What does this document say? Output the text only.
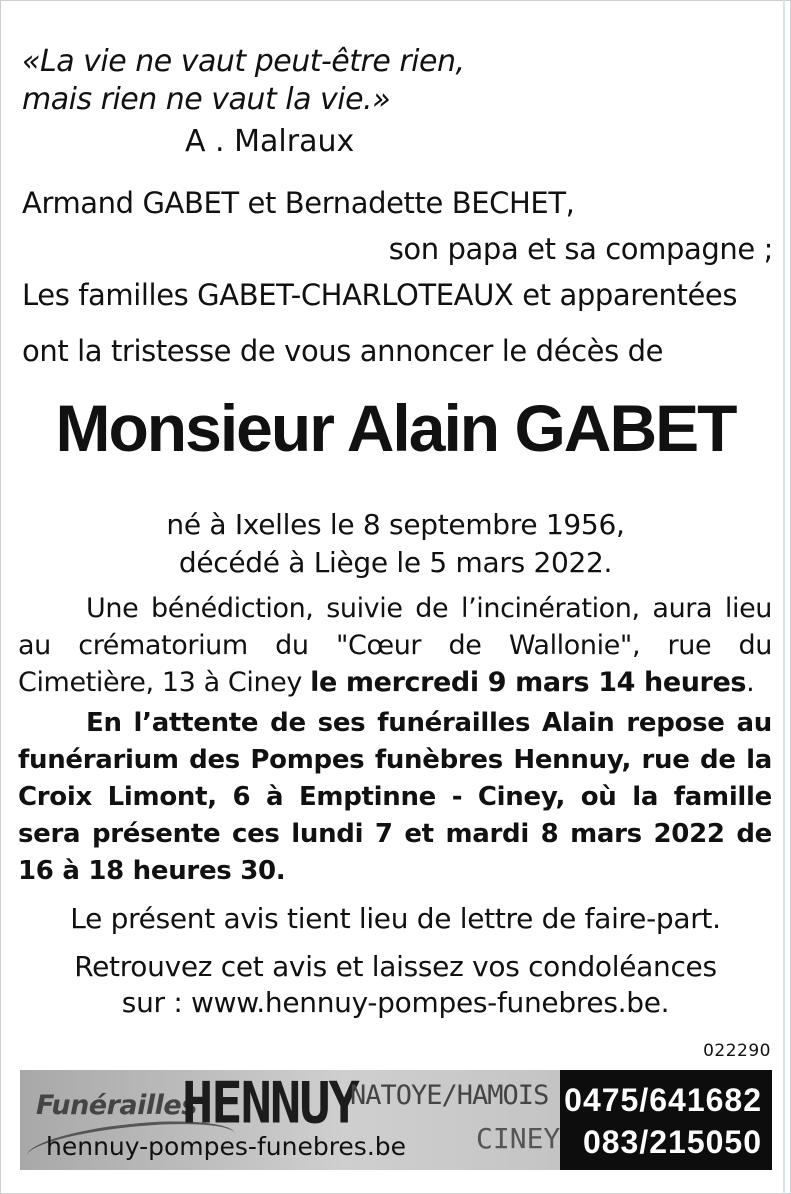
«La vie ne vaut peut-être rien,
mais rien ne vaut la vie.»
A . Malraux
Armand GABET et Bernadette BECHET,
son papa et sa compagne ;
Les familles GABET-CHARLOTEAUX et apparentées
ont la tristesse de vous annoncer le décès de
Monsieur Alain GABET
né à Ixelles le 8 septembre 1956,
décédé à Liège le 5 mars 2022.
Une bénédiction, suivie de l’incinération, aura lieu au crématorium du "Cœur de Wallonie", rue du Cimetière, 13 à Ciney le mercredi 9 mars 14 heures.
En l’attente de ses funérailles Alain repose au funérarium des Pompes funèbres Hennuy, rue de la Croix Limont, 6 à Emptinne - Ciney, où la famille sera présente ces lundi 7 et mardi 8 mars 2022 de 16 à 18 heures 30.
Le présent avis tient lieu de lettre de faire-part.
Retrouvez cet avis et laissez vos condoléances
sur : www.hennuy-pompes-funebres.be.
022290
Funérailles
HENNUY
NATOYE/HAMOIS
CINEY
hennuy-pompes-funebres.be
0475/641682
083/215050
